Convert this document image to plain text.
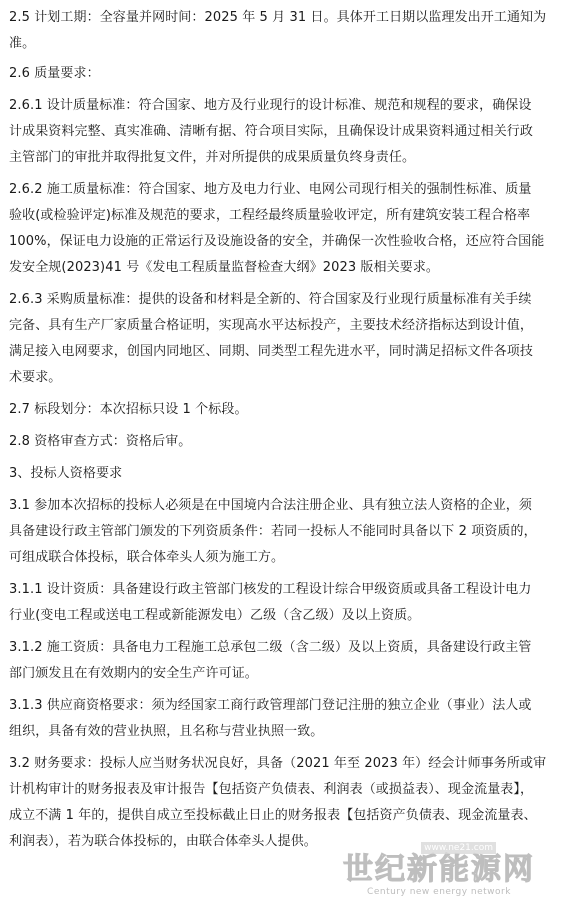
2.5 计划工期：全容量并网时间：2025 年 5 月 31 日。具体开工日期以监理发出开工通知为
准。

2.6 质量要求：

2.6.1 设计质量标准：符合国家、地方及行业现行的设计标准、规范和规程的要求，确保设
计成果资料完整、真实准确、清晰有据、符合项目实际，且确保设计成果资料通过相关行政
主管部门的审批并取得批复文件，并对所提供的成果质量负终身责任。

2.6.2 施工质量标准：符合国家、地方及电力行业、电网公司现行相关的强制性标准、质量
验收(或检验评定)标准及规范的要求，工程经最终质量验收评定，所有建筑安装工程合格率
100%，保证电力设施的正常运行及设施设备的安全，并确保一次性验收合格，还应符合国能
发安全规(2023)41 号《发电工程质量监督检查大纲》2023 版相关要求。

2.6.3 采购质量标准：提供的设备和材料是全新的、符合国家及行业现行质量标准有关手续
完备、具有生产厂家质量合格证明，实现高水平达标投产，主要技术经济指标达到设计值，
满足接入电网要求，创国内同地区、同期、同类型工程先进水平，同时满足招标文件各项技
术要求。

2.7 标段划分：本次招标只设 1 个标段。

2.8 资格审查方式：资格后审。

3、投标人资格要求

3.1 参加本次招标的投标人必须是在中国境内合法注册企业、具有独立法人资格的企业，须
具备建设行政主管部门颁发的下列资质条件：若同一投标人不能同时具备以下 2 项资质的，
可组成联合体投标，联合体牵头人须为施工方。

3.1.1 设计资质：具备建设行政主管部门核发的工程设计综合甲级资质或具备工程设计电力
行业(变电工程或送电工程或新能源发电）乙级（含乙级）及以上资质。

3.1.2 施工资质：具备电力工程施工总承包二级（含二级）及以上资质，具备建设行政主管
部门颁发且在有效期内的安全生产许可证。

3.1.3 供应商资格要求：须为经国家工商行政管理部门登记注册的独立企业（事业）法人或
组织，具备有效的营业执照，且名称与营业执照一致。

3.2 财务要求：投标人应当财务状况良好，具备（2021 年至 2023 年）经会计师事务所或审
计机构审计的财务报表及审计报告【包括资产负债表、利润表（或损益表）、现金流量表】，
成立不满 1 年的，提供自成立至投标截止日止的财务报表【包括资产负债表、现金流量表、
利润表），若为联合体投标的，由联合体牵头人提供。	www.ne21.com
世纪新能源网
Century new energy network
